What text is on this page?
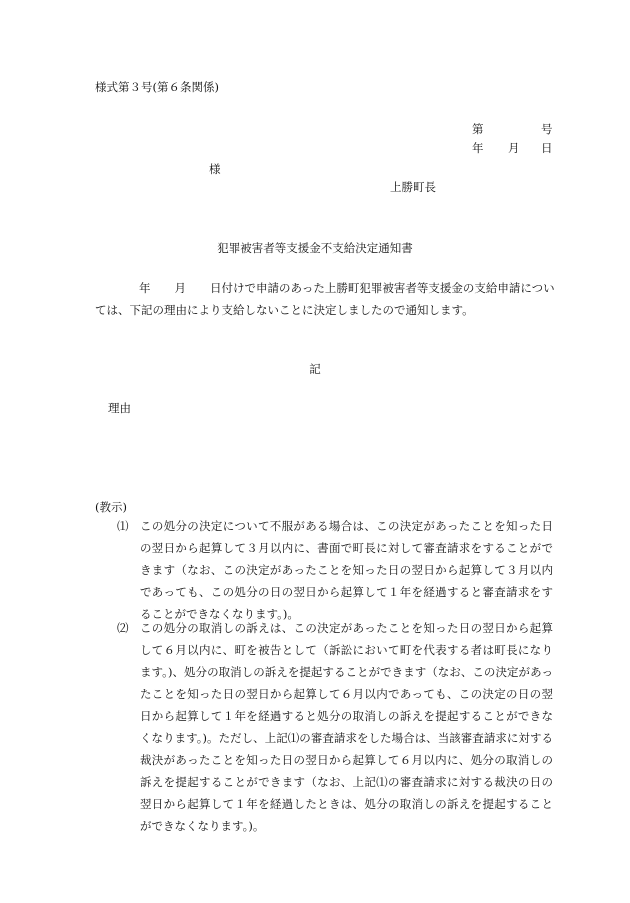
様式第３号(第６条関係)
第	号
年 月 日
様
上勝町長
犯罪被害者等支援金不支給決定通知書
年 月 日付けで申請のあった上勝町犯罪被害者等支援金の支給申請については、下記の理由により支給しないことに決定しましたので通知します。
記
理由
(教示)
⑴ この処分の決定について不服がある場合は、この決定があったことを知った日の翌日から起算して３月以内に、書面で町長に対して審査請求をすることができます（なお、この決定があったことを知った日の翌日から起算して３月以内であっても、この処分の日の翌日から起算して１年を経過すると審査請求をすることができなくなります。)。
⑵ この処分の取消しの訴えは、この決定があったことを知った日の翌日から起算して６月以内に、町を被告として（訴訟において町を代表する者は町長になります。)、処分の取消しの訴えを提起することができます（なお、この決定があったことを知った日の翌日から起算して６月以内であっても、この決定の日の翌日から起算して１年を経過すると処分の取消しの訴えを提起することができなくなります。)。ただし、上記⑴の審査請求をした場合は、当該審査請求に対する裁決があったことを知った日の翌日から起算して６月以内に、処分の取消しの訴えを提起することができます（なお、上記⑴の審査請求に対する裁決の日の翌日から起算して１年を経過したときは、処分の取消しの訴えを提起することができなくなります。)。
